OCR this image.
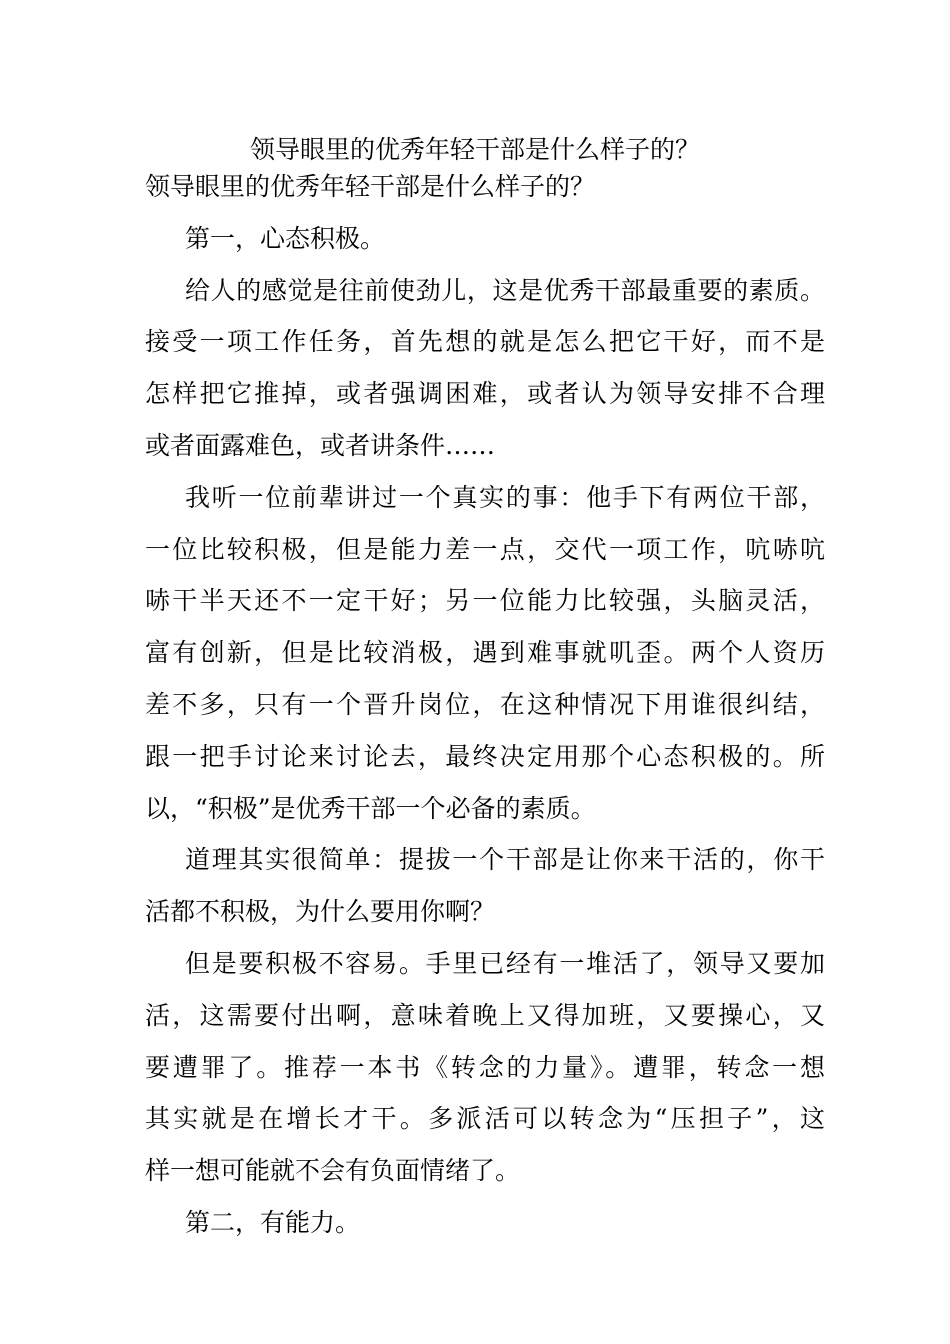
领导眼里的优秀年轻干部是什么样子的？
领导眼里的优秀年轻干部是什么样子的？
第一，心态积极。
给人的感觉是往前使劲儿，这是优秀干部最重要的素质。
接受一项工作任务，首先想的就是怎么把它干好，而不是
怎样把它推掉，或者强调困难，或者认为领导安排不合理
或者面露难色，或者讲条件……
我听一位前辈讲过一个真实的事：他手下有两位干部，
一位比较积极，但是能力差一点，交代一项工作，吭哧吭
哧干半天还不一定干好；另一位能力比较强，头脑灵活，
富有创新，但是比较消极，遇到难事就叽歪。两个人资历
差不多，只有一个晋升岗位，在这种情况下用谁很纠结，
跟一把手讨论来讨论去，最终决定用那个心态积极的。所
以，“积极”是优秀干部一个必备的素质。
道理其实很简单：提拔一个干部是让你来干活的，你干
活都不积极，为什么要用你啊？
但是要积极不容易。手里已经有一堆活了，领导又要加
活，这需要付出啊，意味着晚上又得加班，又要操心，又
要遭罪了。推荐一本书《转念的力量》。遭罪，转念一想
其实就是在增长才干。多派活可以转念为“压担子”，这
样一想可能就不会有负面情绪了。
第二，有能力。
